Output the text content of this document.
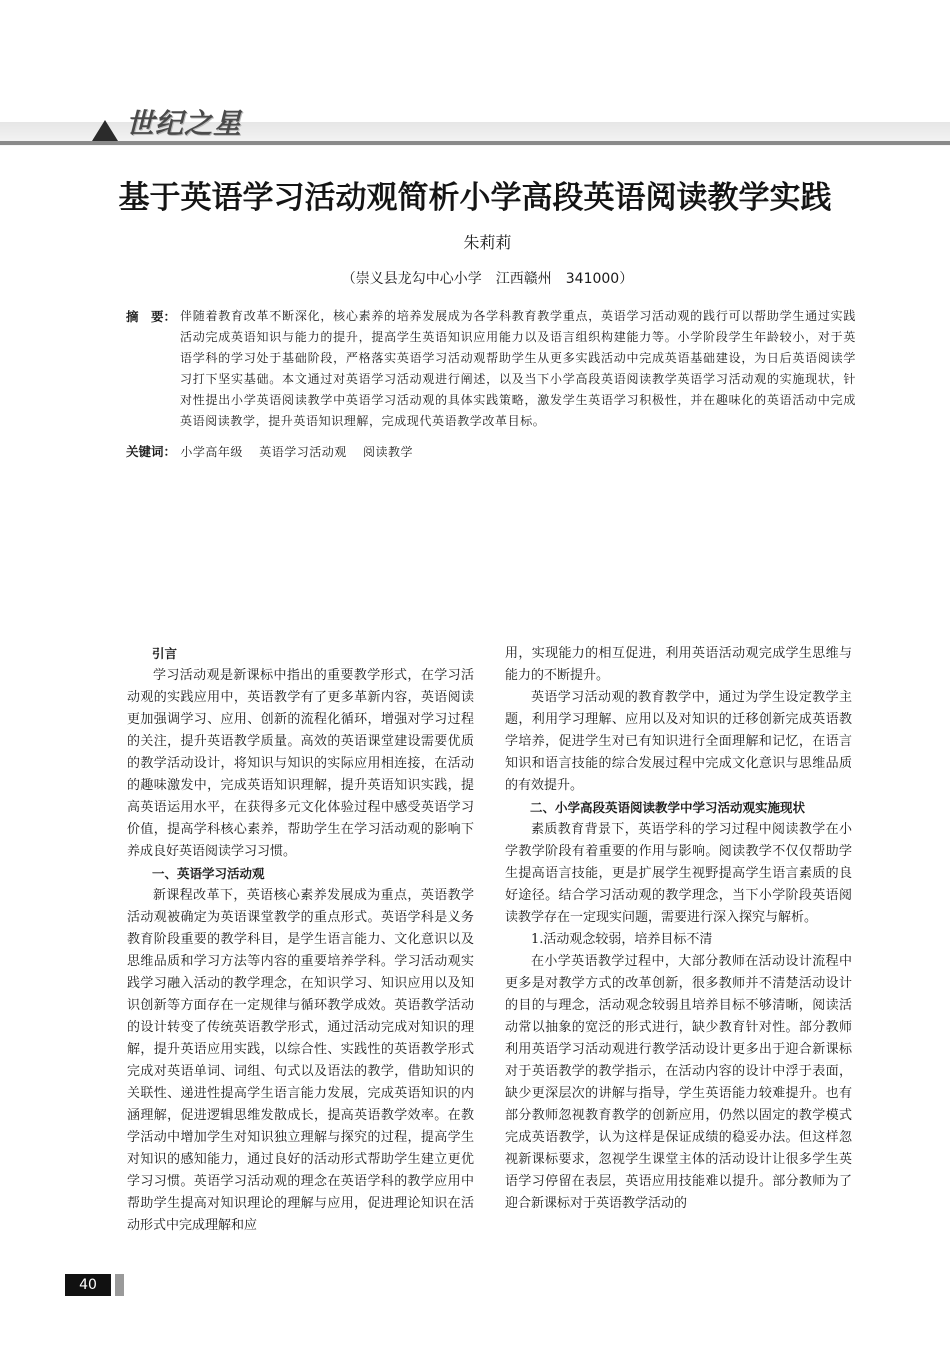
世纪之星
基于英语学习活动观简析小学高段英语阅读教学实践
朱莉莉
（崇义县龙勾中心小学　江西赣州　341000）
摘　要： 伴随着教育改革不断深化，核心素养的培养发展成为各学科教育教学重点，英语学习活动观的践行可以帮助学生通过实践活动完成英语知识与能力的提升，提高学生英语知识应用能力以及语言组织构建能力等。小学阶段学生年龄较小，对于英语学科的学习处于基础阶段，严格落实英语学习活动观帮助学生从更多实践活动中完成英语基础建设，为日后英语阅读学习打下坚实基础。本文通过对英语学习活动观进行阐述，以及当下小学高段英语阅读教学英语学习活动观的实施现状，针对性提出小学英语阅读教学中英语学习活动观的具体实践策略，激发学生英语学习积极性，并在趣味化的英语活动中完成英语阅读教学，提升英语知识理解，完成现代英语教学改革目标。
关键词： 小学高年级 英语学习活动观 阅读教学
引言

学习活动观是新课标中指出的重要教学形式，在学习活动观的实践应用中，英语教学有了更多革新内容，英语阅读更加强调学习、应用、创新的流程化循环，增强对学习过程的关注，提升英语教学质量。高效的英语课堂建设需要优质的教学活动设计，将知识与知识的实际应用相连接，在活动的趣味激发中，完成英语知识理解，提升英语知识实践，提高英语运用水平，在获得多元文化体验过程中感受英语学习价值，提高学科核心素养，帮助学生在学习活动观的影响下养成良好英语阅读学习习惯。

一、英语学习活动观

新课程改革下，英语核心素养发展成为重点，英语教学活动观被确定为英语课堂教学的重点形式。英语学科是义务教育阶段重要的教学科目，是学生语言能力、文化意识以及思维品质和学习方法等内容的重要培养学科。学习活动观实践学习融入活动的教学理念，在知识学习、知识应用以及知识创新等方面存在一定规律与循环教学成效。英语教学活动的设计转变了传统英语教学形式，通过活动完成对知识的理解，提升英语应用实践，以综合性、实践性的英语教学形式完成对英语单词、词组、句式以及语法的教学，借助知识的关联性、递进性提高学生语言能力发展，完成英语知识的内涵理解，促进逻辑思维发散成长，提高英语教学效率。在教学活动中增加学生对知识独立理解与探究的过程，提高学生对知识的感知能力，通过良好的活动形式帮助学生建立更优学习习惯。英语学习活动观的理念在英语学科的教学应用中帮助学生提高对知识理论的理解与应用，促进理论知识在活动形式中完成理解和应

用，实现能力的相互促进，利用英语活动观完成学生思维与能力的不断提升。

英语学习活动观的教育教学中，通过为学生设定教学主题，利用学习理解、应用以及对知识的迁移创新完成英语教学培养，促进学生对已有知识进行全面理解和记忆，在语言知识和语言技能的综合发展过程中完成文化意识与思维品质的有效提升。

二、小学高段英语阅读教学中学习活动观实施现状

素质教育背景下，英语学科的学习过程中阅读教学在小学教学阶段有着重要的作用与影响。阅读教学不仅仅帮助学生提高语言技能，更是扩展学生视野提高学生语言素质的良好途径。结合学习活动观的教学理念，当下小学阶段英语阅读教学存在一定现实问题，需要进行深入探究与解析。

1.活动观念较弱，培养目标不清

在小学英语教学过程中，大部分教师在活动设计流程中更多是对教学方式的改革创新，很多教师并不清楚活动设计的目的与理念，活动观念较弱且培养目标不够清晰，阅读活动常以抽象的宽泛的形式进行，缺少教育针对性。部分教师利用英语学习活动观进行教学活动设计更多出于迎合新课标对于英语教学的教学指示，在活动内容的设计中浮于表面，缺少更深层次的讲解与指导，学生英语能力较难提升。也有部分教师忽视教育教学的创新应用，仍然以固定的教学模式完成英语教学，认为这样是保证成绩的稳妥办法。但这样忽视新课标要求，忽视学生课堂主体的活动设计让很多学生英语学习停留在表层，英语应用技能难以提升。部分教师为了迎合新课标对于英语教学活动的

40
